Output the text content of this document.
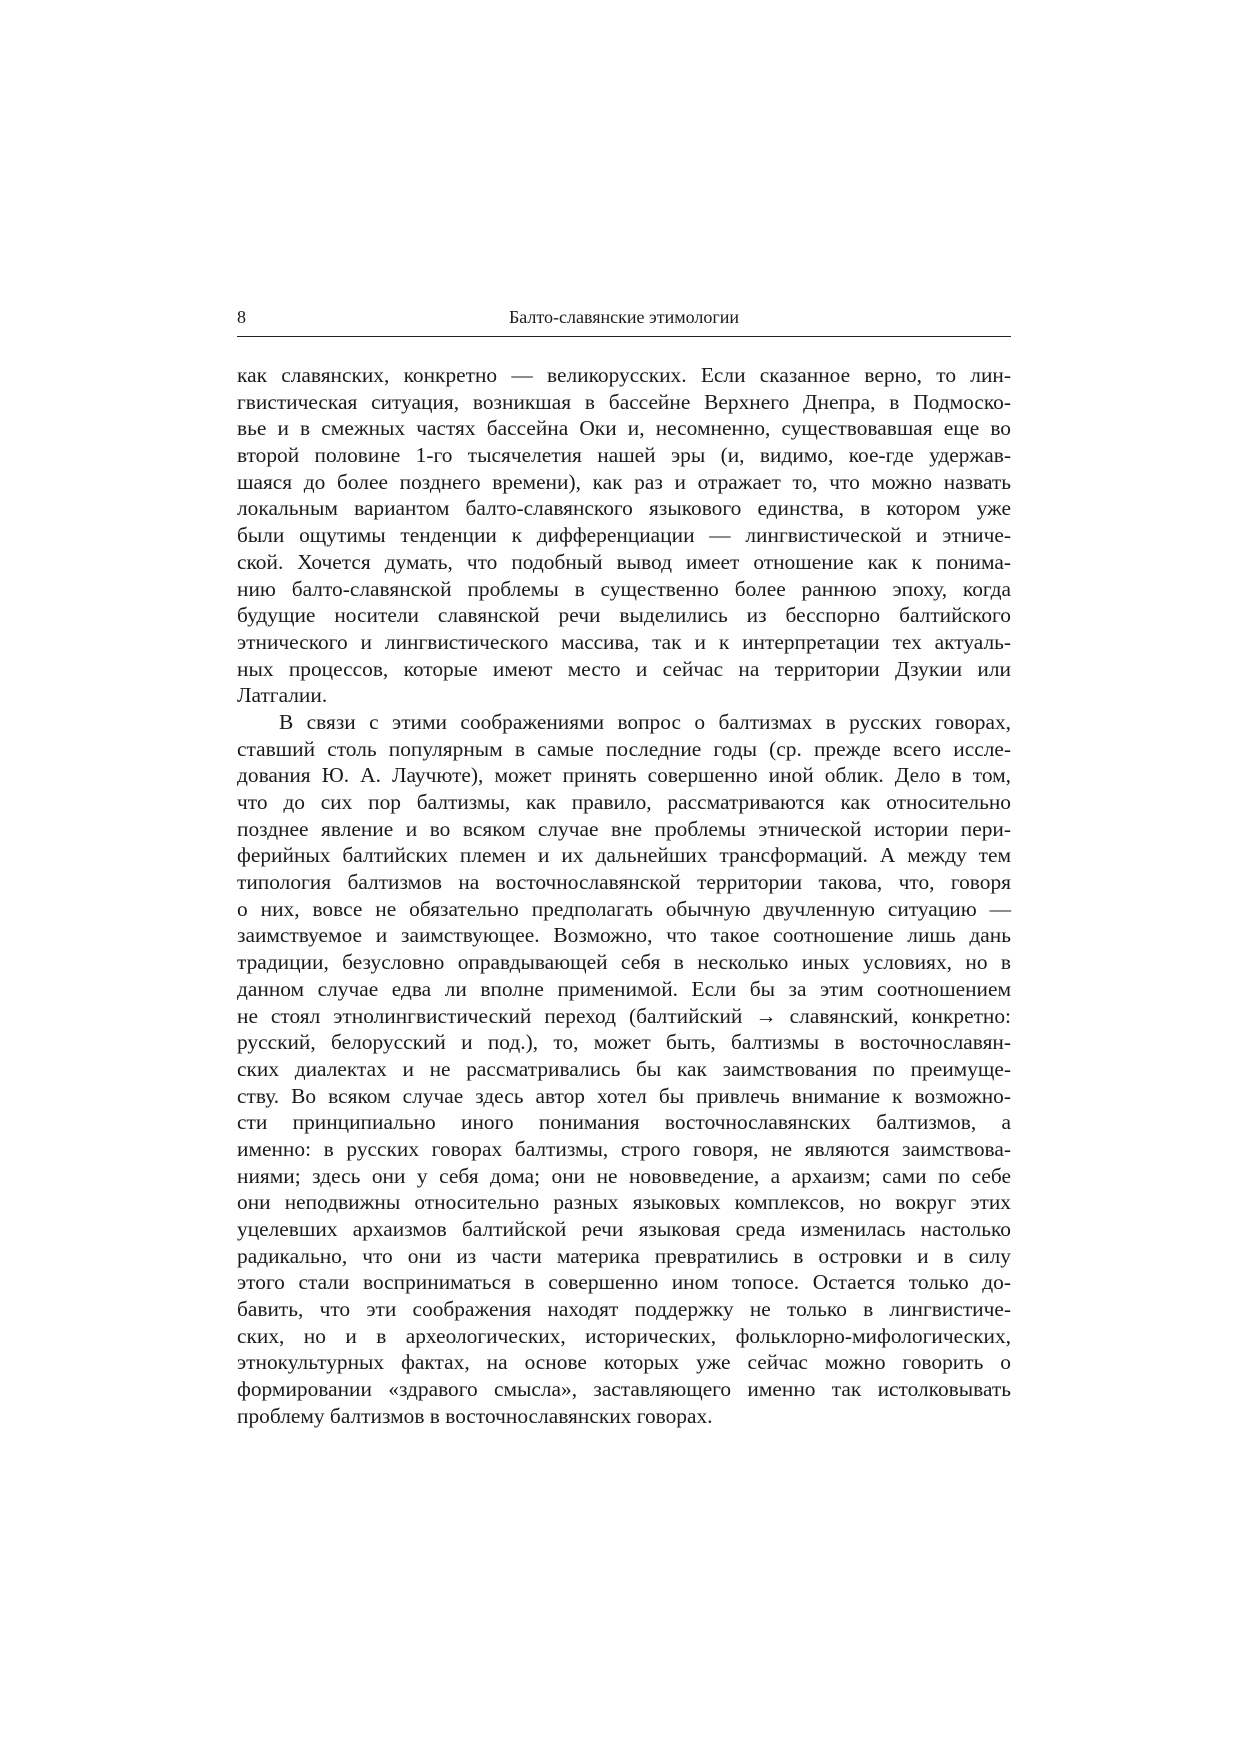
8	Балто-славянские этимологии
как славянских, конкретно — великорусских. Если сказанное верно, то лин-
гвистическая ситуация, возникшая в бассейне Верхнего Днепра, в Подмоско-
вье и в смежных частях бассейна Оки и, несомненно, существовавшая еще во
второй половине 1-го тысячелетия нашей эры (и, видимо, кое-где удержав-
шаяся до более позднего времени), как раз и отражает то, что можно назвать
локальным вариантом балто-славянского языкового единства, в котором уже
были ощутимы тенденции к дифференциации — лингвистической и этниче-
ской. Хочется думать, что подобный вывод имеет отношение как к понима-
нию балто-славянской проблемы в существенно более раннюю эпоху, когда
будущие носители славянской речи выделились из бесспорно балтийского
этнического и лингвистического массива, так и к интерпретации тех актуаль-
ных процессов, которые имеют место и сейчас на территории Дзукии или
Латгалии.
В связи с этими соображениями вопрос о балтизмах в русских говорах,
ставший столь популярным в самые последние годы (ср. прежде всего иссле-
дования Ю. А. Лаучюте), может принять совершенно иной облик. Дело в том,
что до сих пор балтизмы, как правило, рассматриваются как относительно
позднее явление и во всяком случае вне проблемы этнической истории пери-
ферийных балтийских племен и их дальнейших трансформаций. А между тем
типология балтизмов на восточнославянской территории такова, что, говоря
о них, вовсе не обязательно предполагать обычную двучленную ситуацию —
заимствуемое и заимствующее. Возможно, что такое соотношение лишь дань
традиции, безусловно оправдывающей себя в несколько иных условиях, но в
данном случае едва ли вполне применимой. Если бы за этим соотношением
не стоял этнолингвистический переход (балтийский → славянский, конкретно:
русский, белорусский и под.), то, может быть, балтизмы в восточнославян-
ских диалектах и не рассматривались бы как заимствования по преимуще-
ству. Во всяком случае здесь автор хотел бы привлечь внимание к возможно-
сти принципиально иного понимания восточнославянских балтизмов, а
именно: в русских говорах балтизмы, строго говоря, не являются заимствова-
ниями; здесь они у себя дома; они не нововведение, а архаизм; сами по себе
они неподвижны относительно разных языковых комплексов, но вокруг этих
уцелевших архаизмов балтийской речи языковая среда изменилась настолько
радикально, что они из части материка превратились в островки и в силу
этого стали восприниматься в совершенно ином топосе. Остается только до-
бавить, что эти соображения находят поддержку не только в лингвистиче-
ских, но и в археологических, исторических, фольклорно-мифологических,
этнокультурных фактах, на основе которых уже сейчас можно говорить о
формировании «здравого смысла», заставляющего именно так истолковывать
проблему балтизмов в восточнославянских говорах.
